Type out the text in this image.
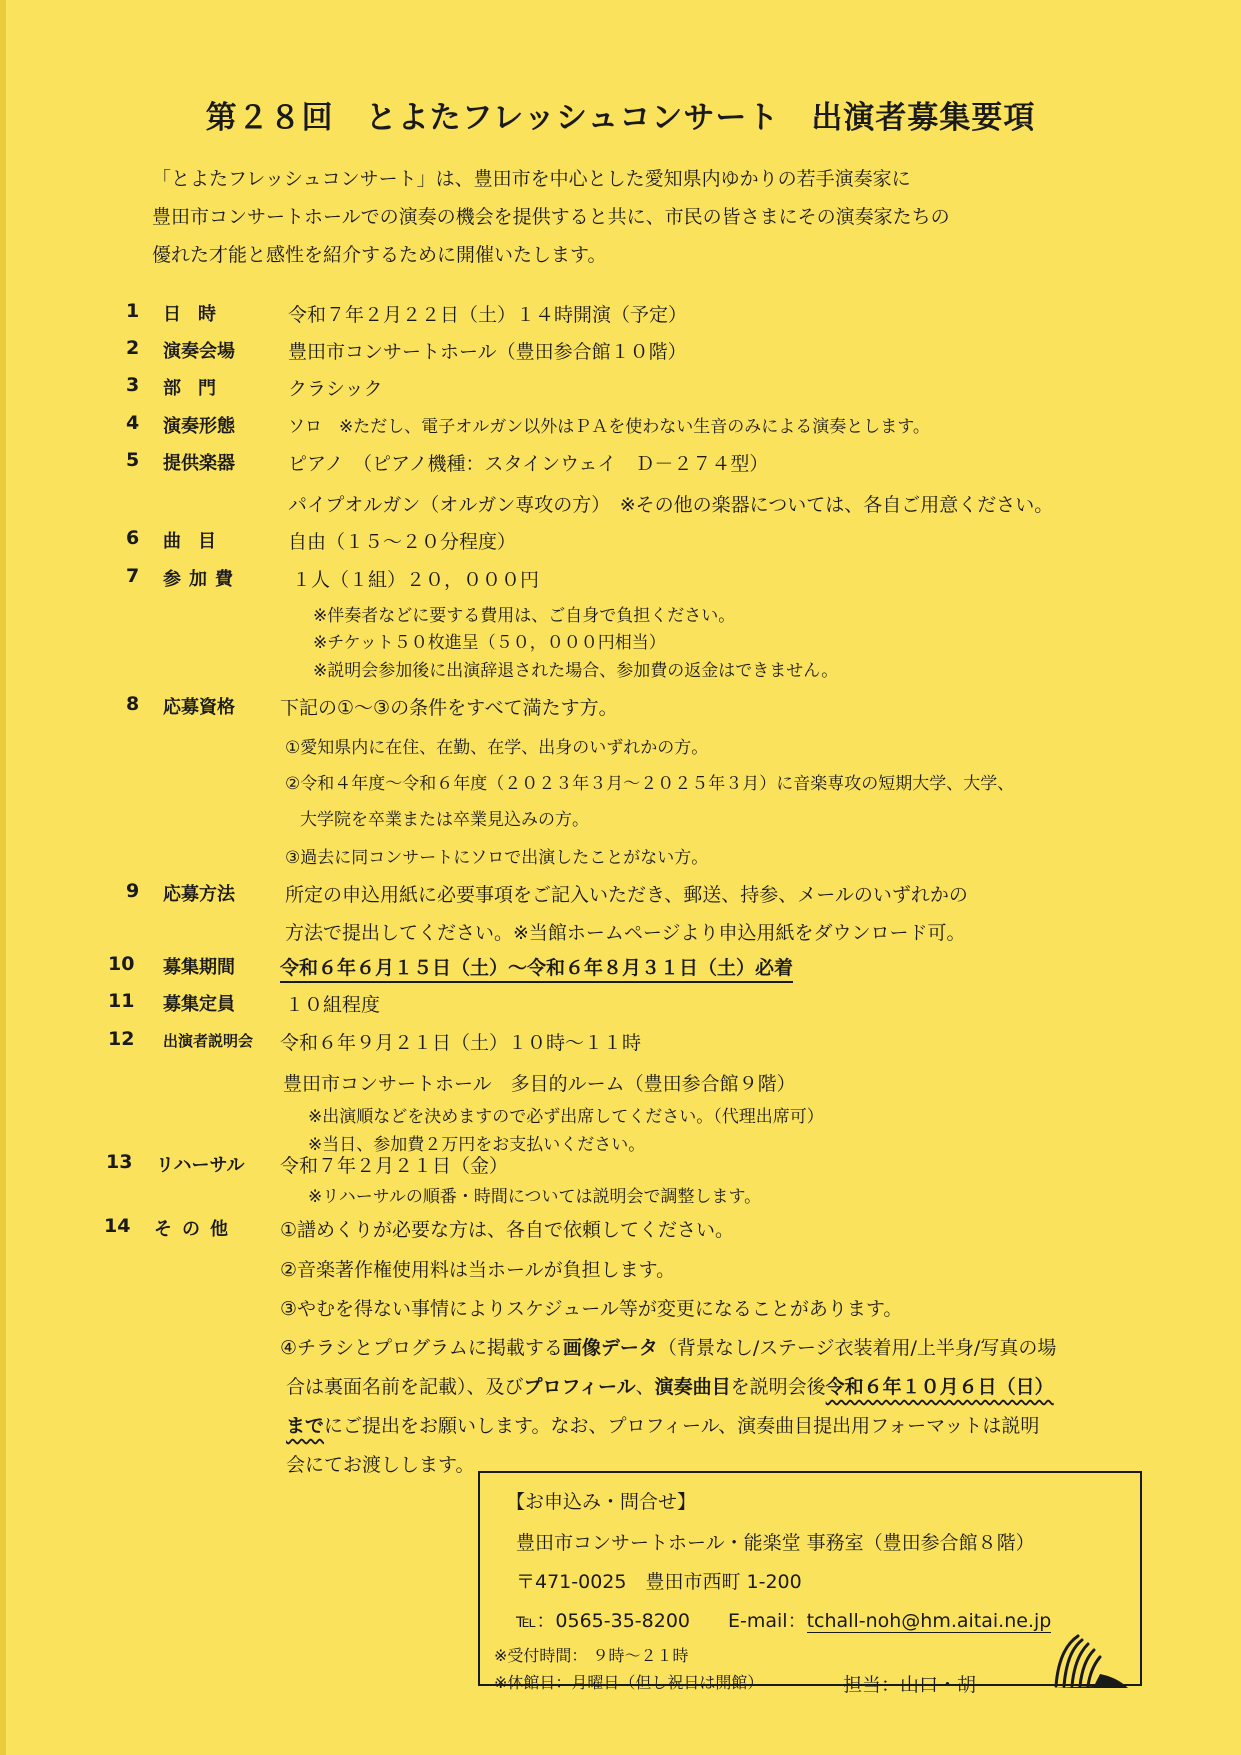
第２８回　とよたフレッシュコンサート　出演者募集要項

「とよたフレッシュコンサート」は、豊田市を中心とした愛知県内ゆかりの若手演奏家に

豊田市コンサートホールでの演奏の機会を提供すると共に、市民の皆さまにその演奏家たちの

優れた才能と感性を紹介するために開催いたします。

1 日時	令和７年２月２２日（土）１４時開演（予定）
2 演奏会場	豊田市コンサートホール（豊田参合館１０階）
3 部門	クラシック
4 演奏形態	ソロ　※ただし、電子オルガン以外はＰＡを使わない生音のみによる演奏とします。
5 提供楽器	ピアノ　（ピアノ機種：スタインウェイ　Ｄ－２７４型）
パイプオルガン（オルガン専攻の方）　※その他の楽器については、各自ご用意ください。
6 曲目	自由（１５～２０分程度）
7 参加費	１人（１組）２０，０００円
※伴奏者などに要する費用は、ご自身で負担ください。
※チケット５０枚進呈（５０，０００円相当）
※説明会参加後に出演辞退された場合、参加費の返金はできません。
8 応募資格 下記の①～③の条件をすべて満たす方。
①愛知県内に在住、在勤、在学、出身のいずれかの方。
②令和４年度～令和６年度（２０２３年３月～２０２５年３月）に音楽専攻の短期大学、大学、
大学院を卒業または卒業見込みの方。
③過去に同コンサートにソロで出演したことがない方。
9 応募方法	所定の申込用紙に必要事項をご記入いただき、郵送、持参、メールのいずれかの
方法で提出してください。※当館ホームページより申込用紙をダウンロード可。
10 募集期間 令和６年６月１５日（土）～令和６年８月３１日（土）必着
11 募集定員	１０組程度
12 出演者説明会 令和６年９月２１日（土）１０時～１１時
豊田市コンサートホール　多目的ルーム（豊田参合館９階）
※出演順などを決めますので必ず出席してください。（代理出席可）
※当日、参加費２万円をお支払いください。
13 リハーサル 令和７年２月２１日（金）
※リハーサルの順番・時間については説明会で調整します。
14 その他 ①譜めくりが必要な方は、各自で依頼してください。
②音楽著作権使用料は当ホールが負担します。
③やむを得ない事情によりスケジュール等が変更になることがあります。
④チラシとプログラムに掲載する画像データ（背景なし/ステージ衣装着用/上半身/写真の場
合は裏面名前を記載）、及びプロフィール、演奏曲目を説明会後令和６年１０月６日（日）
までにご提出をお願いします。なお、プロフィール、演奏曲目提出用フォーマットは説明
会にてお渡しします。
【お申込み・問合せ】
豊田市コンサートホール・能楽堂 事務室（豊田参合館８階）
〒471-0025　豊田市西町 1-200
℡：0565-35-8200 E-mail：tchall-noh@hm.aitai.ne.jp
※受付時間： ９時～２１時
※休館日：月曜日（但し祝日は開館）	担当：山口・胡
